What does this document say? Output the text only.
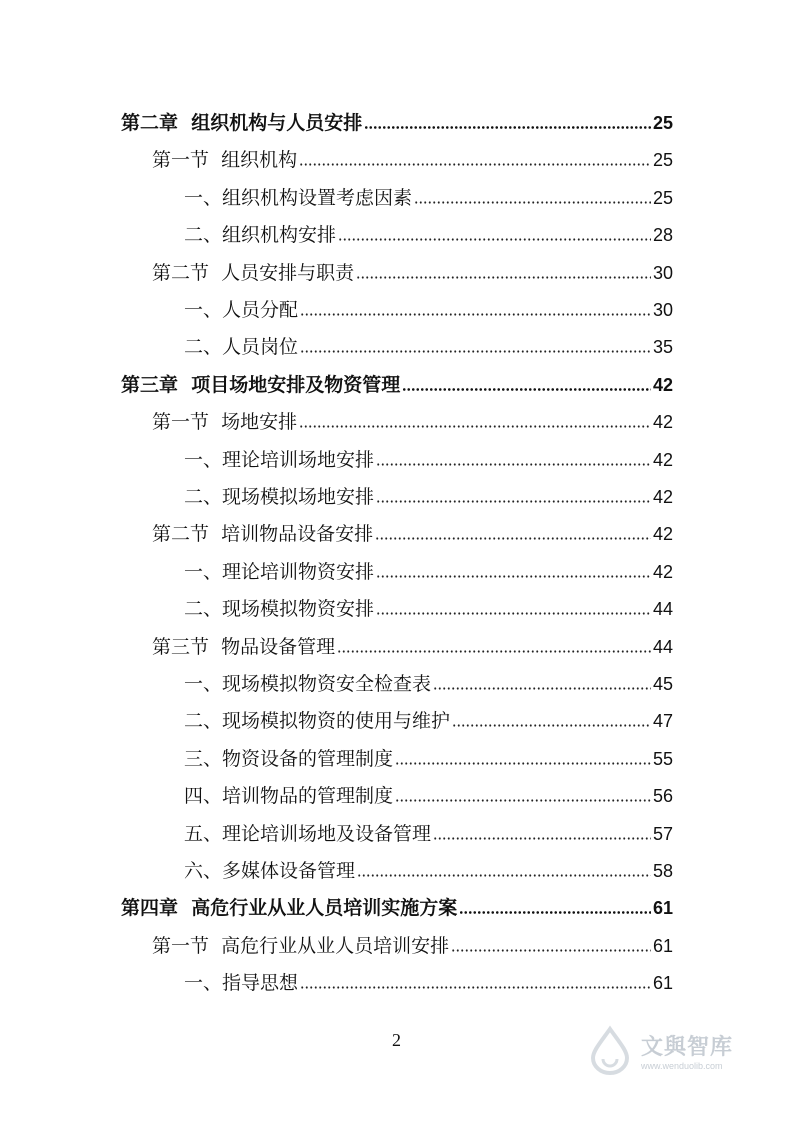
第二章  组织机构与人员安排	25
第一节  组织机构	25
一、组织机构设置考虑因素	25
二、组织机构安排	28
第二节  人员安排与职责	30
一、人员分配	30
二、人员岗位	35
第三章  项目场地安排及物资管理	42
第一节  场地安排	42
一、理论培训场地安排	42
二、现场模拟场地安排	42
第二节  培训物品设备安排	42
一、理论培训物资安排	42
二、现场模拟物资安排	44
第三节  物品设备管理	44
一、现场模拟物资安全检查表	45
二、现场模拟物资的使用与维护	47
三、物资设备的管理制度	55
四、培训物品的管理制度	56
五、理论培训场地及设备管理	57
六、多媒体设备管理	58
第四章  高危行业从业人员培训实施方案	61
第一节  高危行业从业人员培训安排	61
一、指导思想	61
2	文與智库
www.wenduolib.com
